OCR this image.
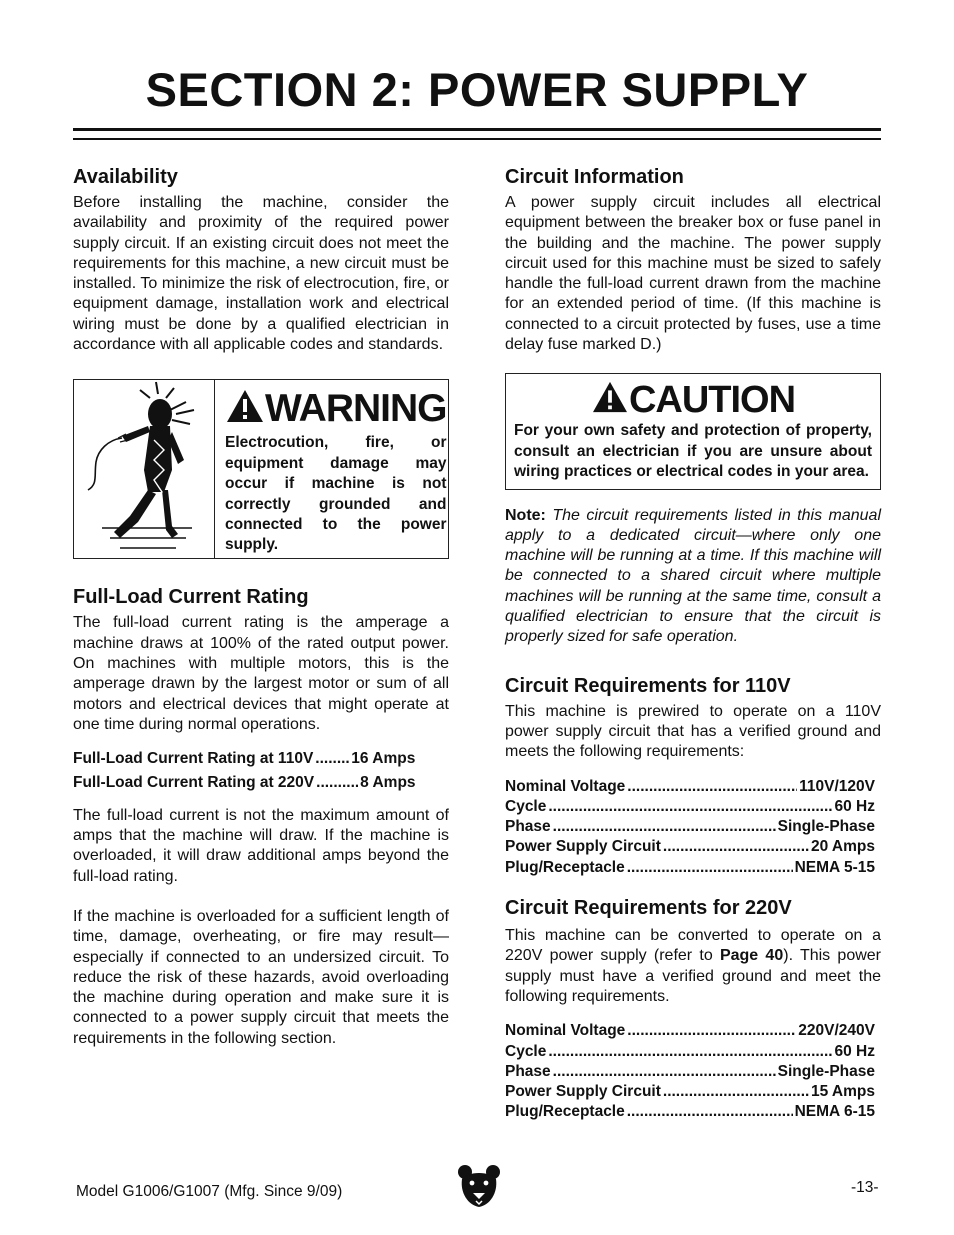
SECTION 2: POWER SUPPLY
Availability

Before installing the machine, consider the availability and proximity of the required power supply circuit. If an existing circuit does not meet the requirements for this machine, a new circuit must be installed. To minimize the risk of electrocution, fire, or equipment damage, installation work and electrical wiring must be done by a qualified electrician in accordance with all applicable codes and standards.

WARNING
Electrocution, fire, or equipment damage may occur if machine is not correctly grounded and connected to the power supply.
Full-Load Current Rating

The full-load current rating is the amperage a machine draws at 100% of the rated output power. On machines with multiple motors, this is the amperage drawn by the largest motor or sum of all motors and electrical devices that might operate at one time during normal operations.

Full-Load Current Rating at 110V ..... 16 Amps
Full-Load Current Rating at 220V .....	8 Amps

The full-load current is not the maximum amount of amps that the machine will draw. If the machine is overloaded, it will draw additional amps beyond the full-load rating.

If the machine is overloaded for a sufficient length of time, damage, overheating, or fire may result—especially if connected to an undersized circuit. To reduce the risk of these hazards, avoid overloading the machine during operation and make sure it is connected to a power supply circuit that meets the requirements in the following section.

Circuit Information

A power supply circuit includes all electrical equipment between the breaker box or fuse panel in the building and the machine. The power supply circuit used for this machine must be sized to safely handle the full-load current drawn from the machine for an extended period of time. (If this machine is connected to a circuit protected by fuses, use a time delay fuse marked D.)

CAUTION
For your own safety and protection of property, consult an electrician if you are unsure about wiring practices or electrical codes in your area.

Note: The circuit requirements listed in this manual apply to a dedicated circuit—where only one machine will be running at a time. If this machine will be connected to a shared circuit where multiple machines will be running at the same time, consult a qualified electrician to ensure that the circuit is properly sized for safe operation.

Circuit Requirements for 110V

This machine is prewired to operate on a 110V power supply circuit that has a verified ground and meets the following requirements:

Nominal Voltage .....	110V/120V
Cycle .....	60 Hz
Phase .....	Single-Phase
Power Supply Circuit .....	20 Amps
Plug/Receptacle .....	NEMA 5-15
Circuit Requirements for 220V

This machine can be converted to operate on a 220V power supply (refer to Page 40). This power supply must have a verified ground and meet the following requirements.

Nominal Voltage .....	220V/240V
Cycle .....	60 Hz
Phase .....	Single-Phase
Power Supply Circuit .....	15 Amps
Plug/Receptacle .....	NEMA 6-15
Model G1006/G1007 (Mfg. Since 9/09)	-13-
